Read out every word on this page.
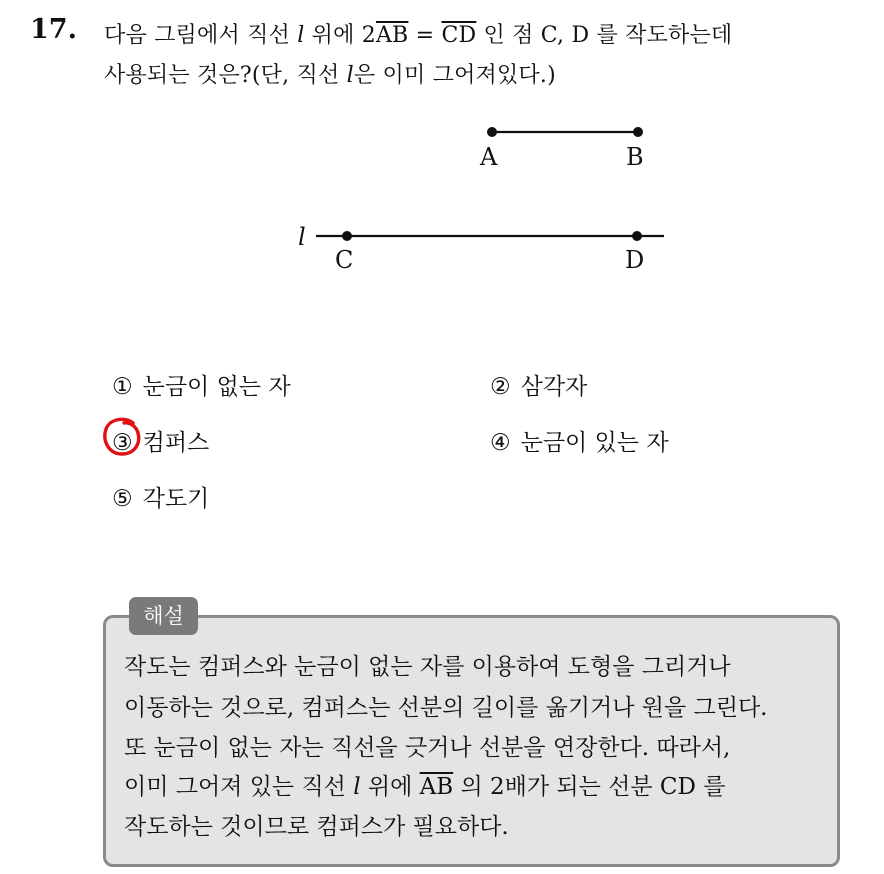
17. 다음 그림에서 직선 l 위에 $2\overline{AB} = \overline{CD}$ 인 점 C, D 를 작도하는데
사용되는 것은?(단, 직선 l은 이미 그어져있다.)
A	B
l
C	D
① 눈금이 없는 자	② 삼각자
③ 컴퍼스	④ 눈금이 있는 자
⑤ 각도기
해설
작도는 컴퍼스와 눈금이 없는 자를 이용하여 도형을 그리거나
이동하는 것으로, 컴퍼스는 선분의 길이를 옮기거나 원을 그린다.
또 눈금이 없는 자는 직선을 긋거나 선분을 연장한다. 따라서,
이미 그어져 있는 직선 l 위에 $\overline{AB}$ 의 2배가 되는 선분 CD 를
작도하는 것이므로 컴퍼스가 필요하다.
